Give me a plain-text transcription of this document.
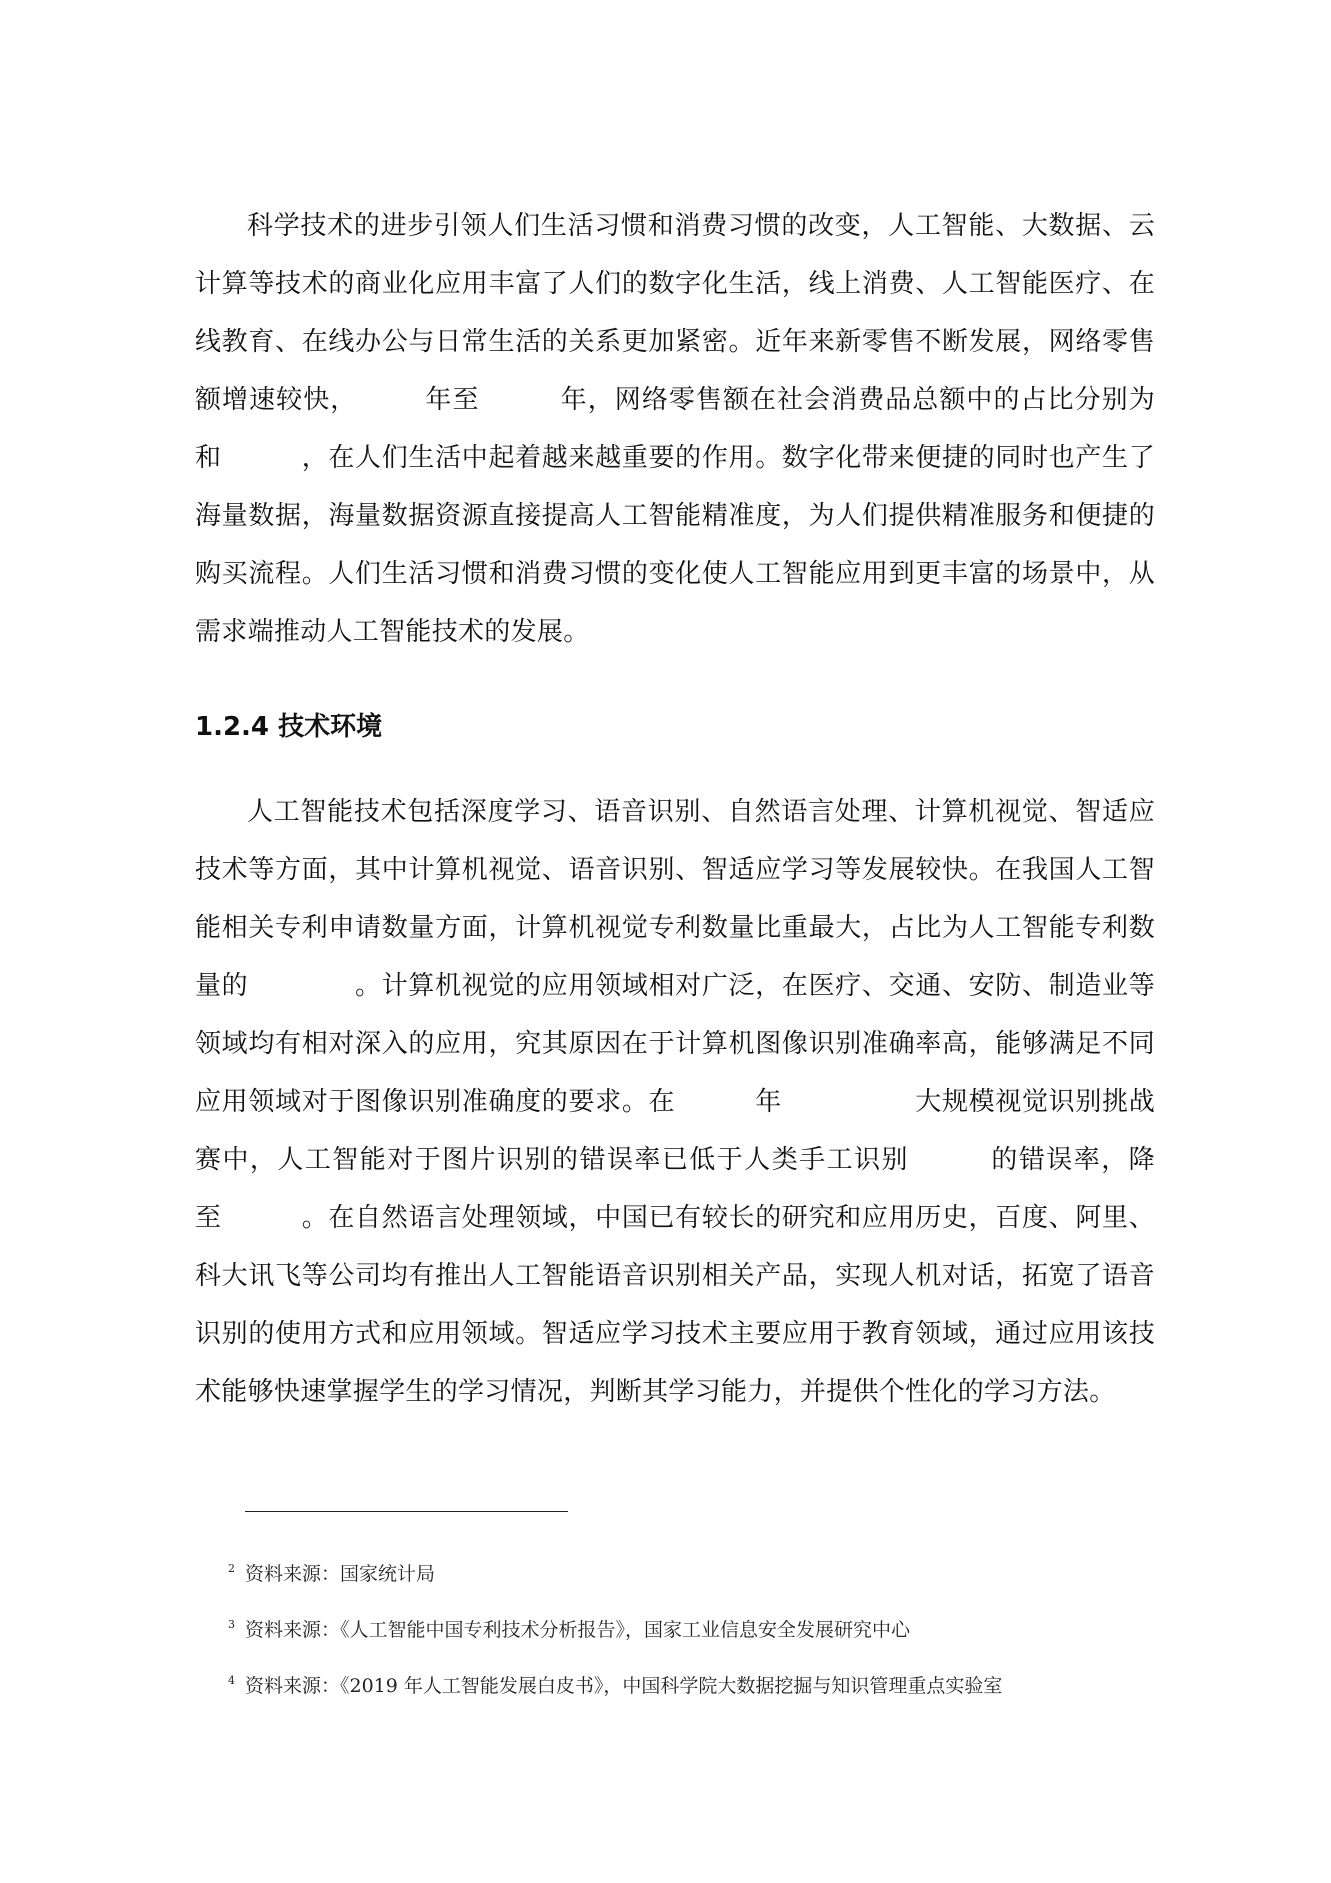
科学技术的进步引领人们生活习惯和消费习惯的改变，人工智能、大数据、云计算等技术的商业化应用丰富了人们的数字化生活，线上消费、人工智能医疗、在线教育、在线办公与日常生活的关系更加紧密。近年来新零售不断发展，网络零售额增速较快，　　　年至　　　年，网络零售额在社会消费品总额中的占比分别为　　　和　　　，在人们生活中起着越来越重要的作用。数字化带来便捷的同时也产生了海量数据，海量数据资源直接提高人工智能精准度，为人们提供精准服务和便捷的购买流程。人们生活习惯和消费习惯的变化使人工智能应用到更丰富的场景中，从需求端推动人工智能技术的发展。

1.2.4 技术环境

人工智能技术包括深度学习、语音识别、自然语言处理、计算机视觉、智适应技术等方面，其中计算机视觉、语音识别、智适应学习等发展较快。在我国人工智能相关专利申请数量方面，计算机视觉专利数量比重最大，占比为人工智能专利数量的　　　　。计算机视觉的应用领域相对广泛，在医疗、交通、安防、制造业等领域均有相对深入的应用，究其原因在于计算机图像识别准确率高，能够满足不同应用领域对于图像识别准确度的要求。在　　　年　　　　　大规模视觉识别挑战赛中，人工智能对于图片识别的错误率已低于人类手工识别　　　的错误率，降至　　　。在自然语言处理领域，中国已有较长的研究和应用历史，百度、阿里、科大讯飞等公司均有推出人工智能语音识别相关产品，实现人机对话，拓宽了语音识别的使用方式和应用领域。智适应学习技术主要应用于教育领域，通过应用该技术能够快速掌握学生的学习情况，判断其学习能力，并提供个性化的学习方法。

$^2$ 资料来源：国家统计局
$^3$ 资料来源：《人工智能中国专利技术分析报告》，国家工业信息安全发展研究中心
$^4$ 资料来源：《2019 年人工智能发展白皮书》，中国科学院大数据挖掘与知识管理重点实验室
